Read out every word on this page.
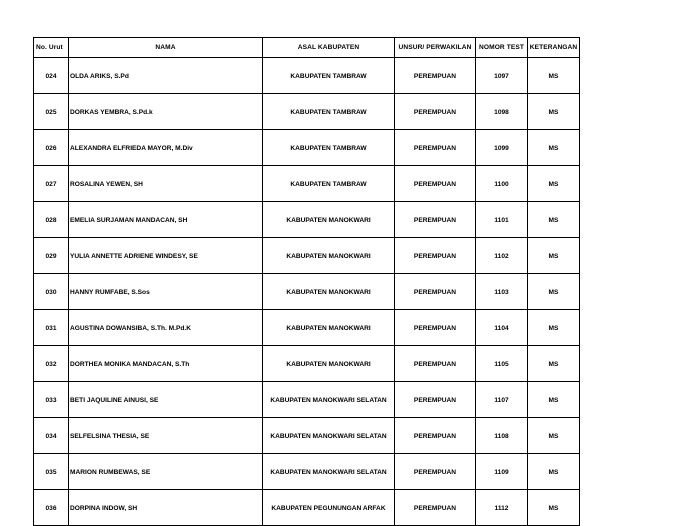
No. Urut	NAMA	ASAL KABUPATEN	UNSUR/ PERWAKILAN	NOMOR TEST	KETERANGAN
024	OLDA ARIKS, S.Pd	KABUPATEN TAMBRAW	PEREMPUAN	1097	MS
025	DORKAS YEMBRA, S.Pd.k	KABUPATEN TAMBRAW	PEREMPUAN	1098	MS
026	ALEXANDRA ELFRIEDA MAYOR, M.Div	KABUPATEN TAMBRAW	PEREMPUAN	1099	MS
027	ROSALINA YEWEN, SH	KABUPATEN TAMBRAW	PEREMPUAN	1100	MS
028	EMELIA SURJAMAN MANDACAN, SH	KABUPATEN MANOKWARI	PEREMPUAN	1101	MS
029	YULIA ANNETTE ADRIENE WINDESY, SE	KABUPATEN MANOKWARI	PEREMPUAN	1102	MS
030	HANNY RUMFABE, S.Sos	KABUPATEN MANOKWARI	PEREMPUAN	1103	MS
031	AGUSTINA DOWANSIBA, S.Th. M.Pd.K	KABUPATEN MANOKWARI	PEREMPUAN	1104	MS
032	DORTHEA MONIKA MANDACAN, S.Th	KABUPATEN MANOKWARI	PEREMPUAN	1105	MS
033	BETI JAQUILINE AINUSI, SE	KABUPATEN MANOKWARI SELATAN	PEREMPUAN	1107	MS
034	SELFELSINA THESIA, SE	KABUPATEN MANOKWARI SELATAN	PEREMPUAN	1108	MS
035	MARION RUMBEWAS, SE	KABUPATEN MANOKWARI SELATAN	PEREMPUAN	1109	MS
036	DORPINA INDOW, SH	KABUPATEN PEGUNUNGAN ARFAK	PEREMPUAN	1112	MS
